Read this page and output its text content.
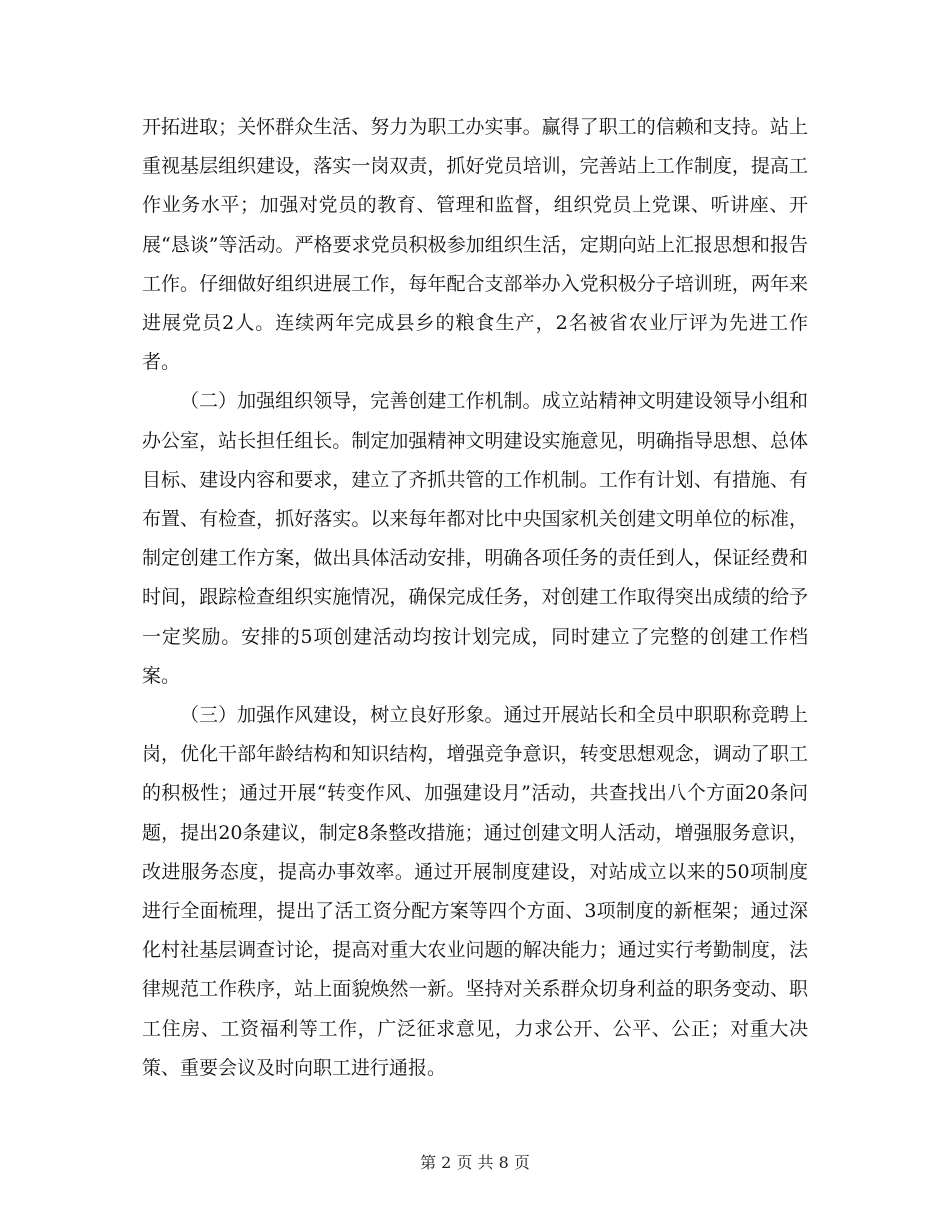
开拓进取；关怀群众生活、努力为职工办实事。赢得了职工的信赖和支持。站上重视基层组织建设，落实一岗双责，抓好党员培训，完善站上工作制度，提高工作业务水平；加强对党员的教育、管理和监督，组织党员上党课、听讲座、开展“恳谈”等活动。严格要求党员积极参加组织生活，定期向站上汇报思想和报告工作。仔细做好组织进展工作，每年配合支部举办入党积极分子培训班，两年来进展党员2人。连续两年完成县乡的粮食生产，2名被省农业厅评为先进工作者。

（二）加强组织领导，完善创建工作机制。成立站精神文明建设领导小组和办公室，站长担任组长。制定加强精神文明建设实施意见，明确指导思想、总体目标、建设内容和要求，建立了齐抓共管的工作机制。工作有计划、有措施、有布置、有检查，抓好落实。以来每年都对比中央国家机关创建文明单位的标准，制定创建工作方案，做出具体活动安排，明确各项任务的责任到人，保证经费和时间，跟踪检查组织实施情况，确保完成任务，对创建工作取得突出成绩的给予一定奖励。安排的5项创建活动均按计划完成，同时建立了完整的创建工作档案。

（三）加强作风建设，树立良好形象。通过开展站长和全员中职职称竞聘上岗，优化干部年龄结构和知识结构，增强竞争意识，转变思想观念，调动了职工的积极性；通过开展“转变作风、加强建设月”活动，共查找出八个方面20条问题，提出20条建议，制定8条整改措施；通过创建文明人活动，增强服务意识，改进服务态度，提高办事效率。通过开展制度建设，对站成立以来的50项制度进行全面梳理，提出了活工资分配方案等四个方面、3项制度的新框架；通过深化村社基层调查讨论，提高对重大农业问题的解决能力；通过实行考勤制度，法律规范工作秩序，站上面貌焕然一新。坚持对关系群众切身利益的职务变动、职工住房、工资福利等工作，广泛征求意见，力求公开、公平、公正；对重大决策、重要会议及时向职工进行通报。

第 2 页 共 8 页
